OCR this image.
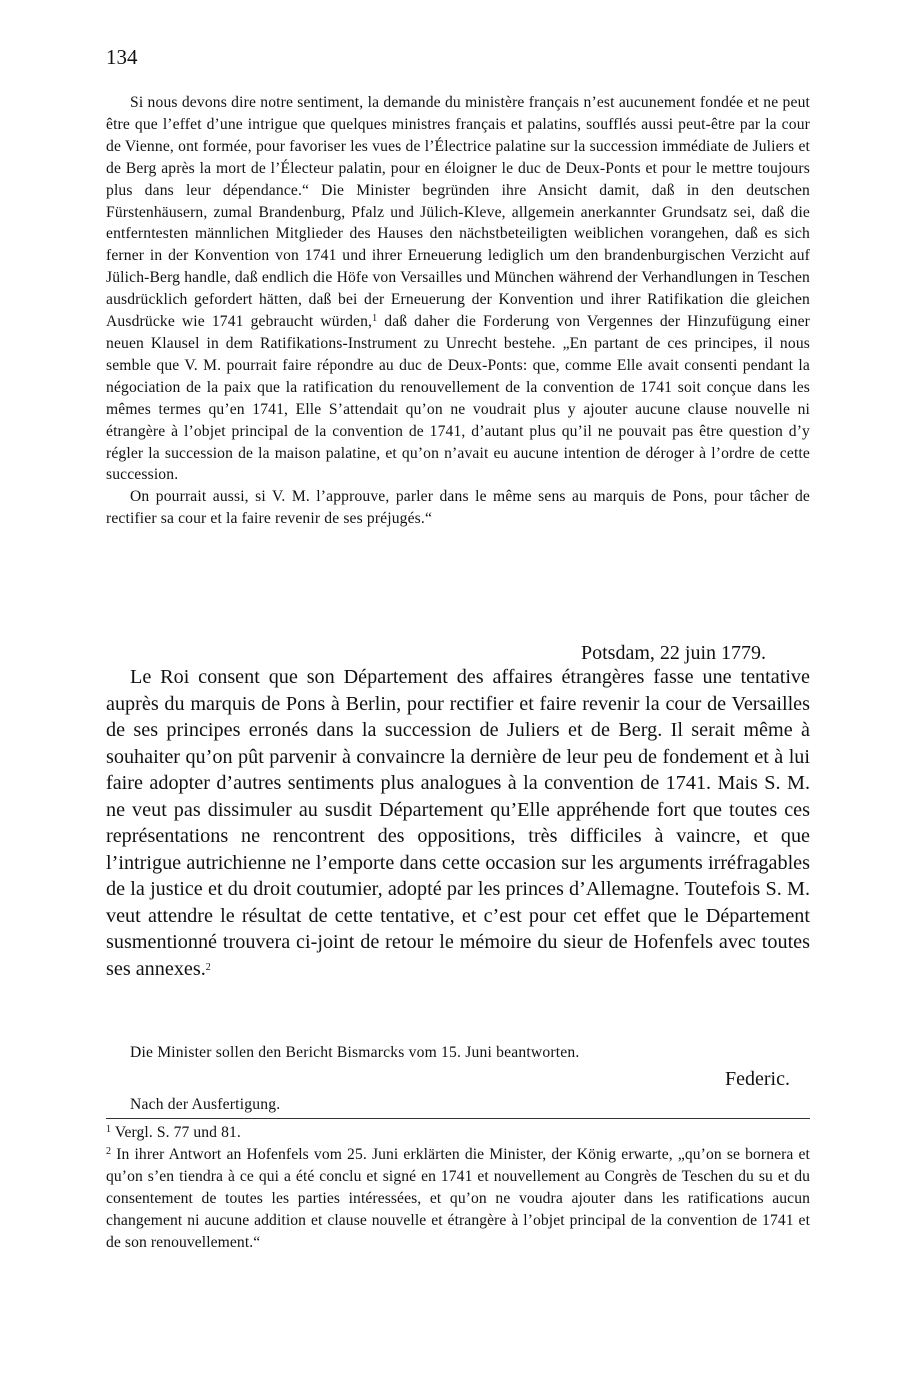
134

Si nous devons dire notre sentiment, la demande du ministère français n’est aucunement fondée et ne peut être que l’effet d’une intrigue que quelques ministres français et palatins, soufflés aussi peut-être par la cour de Vienne, ont formée, pour favoriser les vues de l’Électrice palatine sur la succession immédiate de Juliers et de Berg après la mort de l’Électeur palatin, pour en éloigner le duc de Deux-Ponts et pour le mettre toujours plus dans leur dépendance.“ Die Minister begründen ihre Ansicht damit, daß in den deutschen Fürstenhäusern, zumal Brandenburg, Pfalz und Jülich-Kleve, allgemein anerkannter Grundsatz sei, daß die entferntesten männlichen Mitglieder des Hauses den nächstbeteiligten weiblichen vorangehen, daß es sich ferner in der Konvention von 1741 und ihrer Erneuerung lediglich um den brandenburgischen Verzicht auf Jülich-Berg handle, daß endlich die Höfe von Versailles und München während der Verhandlungen in Teschen ausdrücklich gefordert hätten, daß bei der Erneuerung der Konvention und ihrer Ratifikation die gleichen Ausdrücke wie 1741 gebraucht würden,$^1$ daß daher die Forderung von Vergennes der Hinzufügung einer neuen Klausel in dem Ratifikations-Instrument zu Unrecht bestehe. „En partant de ces principes, il nous semble que V. M. pourrait faire répondre au duc de Deux-Ponts: que, comme Elle avait consenti pendant la négociation de la paix que la ratification du renouvellement de la convention de 1741 soit conçue dans les mêmes termes qu’en 1741, Elle S’attendait qu’on ne voudrait plus y ajouter aucune clause nouvelle ni étrangère à l’objet principal de la convention de 1741, d’autant plus qu’il ne pouvait pas être question d’y régler la succession de la maison palatine, et qu’on n’avait eu aucune intention de déroger à l’ordre de cette succession.

On pourrait aussi, si V. M. l’approuve, parler dans le même sens au marquis de Pons, pour tâcher de rectifier sa cour et la faire revenir de ses préjugés.“

Potsdam, 22 juin 1779.

Le Roi consent que son Département des affaires étrangères fasse une tentative auprès du marquis de Pons à Berlin, pour rectifier et faire revenir la cour de Versailles de ses principes erronés dans la succession de Juliers et de Berg. Il serait même à souhaiter qu’on pût parvenir à convaincre la dernière de leur peu de fondement et à lui faire adopter d’autres sentiments plus analogues à la convention de 1741. Mais S. M. ne veut pas dissimuler au susdit Département qu’Elle appréhende fort que toutes ces représentations ne rencontrent des oppositions, très difficiles à vaincre, et que l’intrigue autrichienne ne l’emporte dans cette occasion sur les arguments irréfragables de la justice et du droit coutumier, adopté par les princes d’Allemagne. Toutefois S. M. veut attendre le résultat de cette tentative, et c’est pour cet effet que le Département susmentionné trouvera ci-joint de retour le mémoire du sieur de Hofenfels avec toutes ses annexes.$^2$

Die Minister sollen den Bericht Bismarcks vom 15. Juni beantworten.
Federic.
Nach der Ausfertigung.

$^1$ Vergl. S. 77 und 81.

$^2$ In ihrer Antwort an Hofenfels vom 25. Juni erklärten die Minister, der König erwarte, „qu’on se bornera et qu’on s’en tiendra à ce qui a été conclu et signé en 1741 et nouvellement au Congrès de Teschen du su et du consentement de toutes les parties intéressées, et qu’on ne voudra ajouter dans les ratifications aucun changement ni aucune addition et clause nouvelle et étrangère à l’objet principal de la convention de 1741 et de son renouvellement.“
